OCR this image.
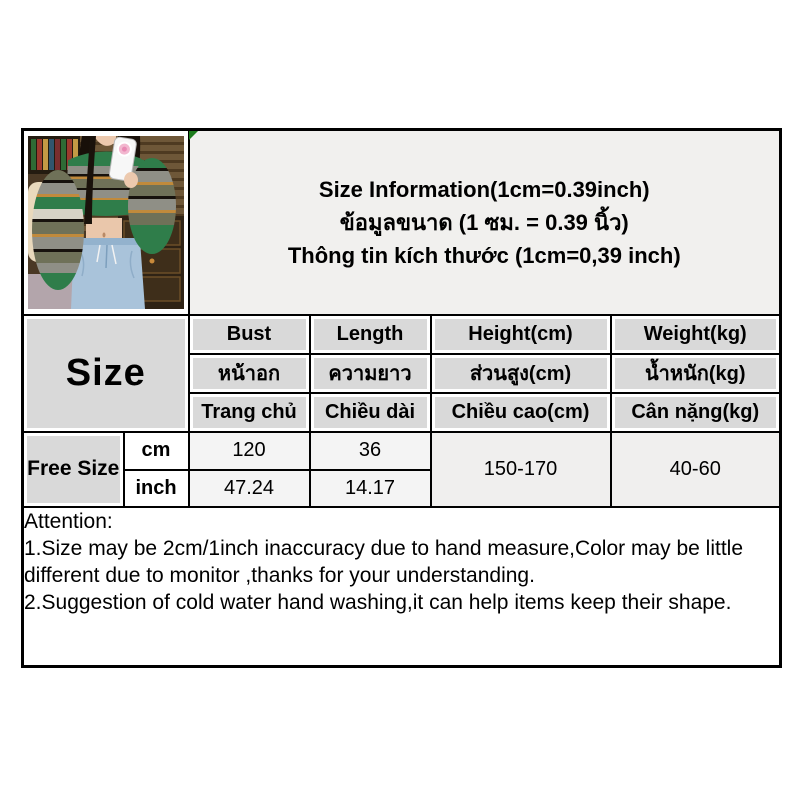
Size Information(1cm=0.39inch)
ข้อมูลขนาด (1 ซม. = 0.39 นิ้ว)
Thông tin kích thước (1cm=0,39 inch)			

Size		Bust	Length	Height(cm)	Weight(kg)
		หน้าอก	ความยาว	ส่วนสูง(cm)	น้ำหนัก(kg)
		Trang chủ	Chiều dài	Chiều cao(cm)	Cân nặng(kg)
Free Size	cm	120	36	150-170	40-60
	inch	47.24	14.17		

Attention:
1.Size may be 2cm/1inch inaccuracy due to hand measure,Color may be little
different due to monitor ,thanks for your understanding.
2.Suggestion of cold water hand washing,it can help items keep their shape.					
